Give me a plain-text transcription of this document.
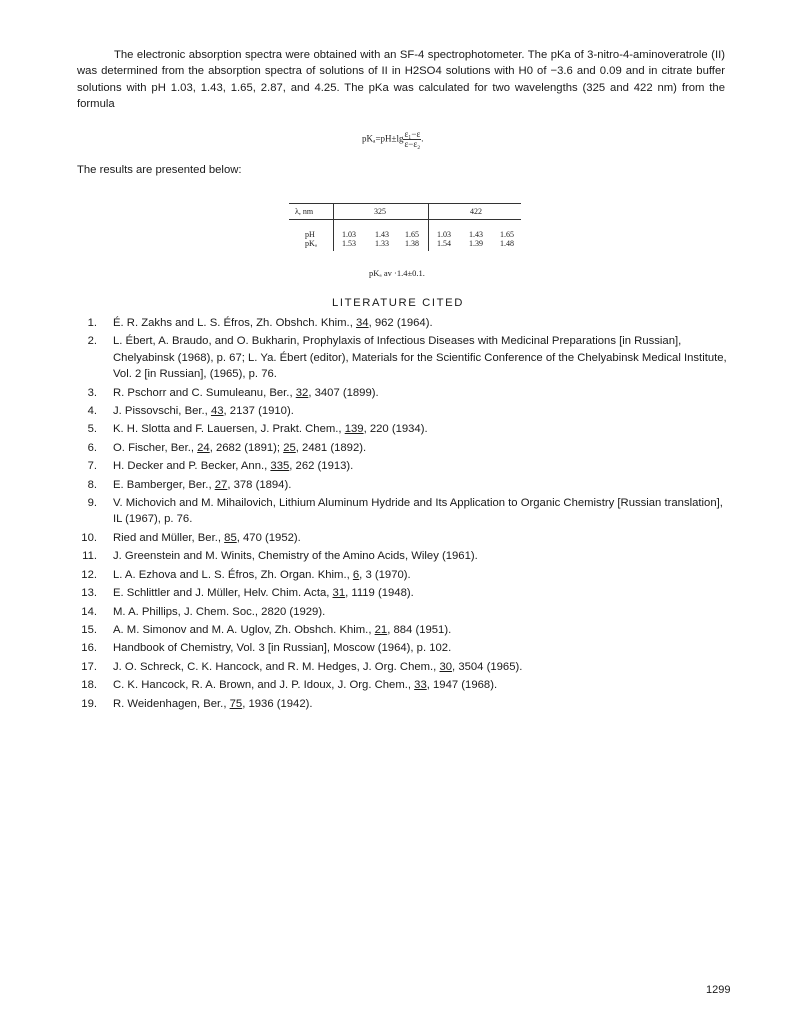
The electronic absorption spectra were obtained with an SF-4 spectrophotometer. The pKa of 3-nitro-4-aminoveratrole (II) was determined from the absorption spectra of solutions of II in H2SO4 solutions with H0 of −3.6 and 0.09 and in citrate buffer solutions with pH 1.03, 1.43, 1.65, 2.87, and 4.25. The pKa was calculated for two wavelengths (325 and 422 nm) from the formula

$pK_a=pH\pm\lg \frac{\text{ε₁−ε}}{\text{ε−ε₂}}$ .

The results are presented below:

λ, nm	325	422
pH
pKₐ
1.03 1.43 1.65 1.03 1.43 1.65
1.53 1.33 1.38 1.54 1.39 1.48
pKₐ av ·1.4±0.1.
LITERATURE CITED
1. É. R. Zakhs and L. S. Éfros, Zh. Obshch. Khim., 34, 962 (1964).
2. L. Ébert, A. Braudo, and O. Bukharin, Prophylaxis of Infectious Diseases with Medicinal Preparations [in Russian], Chelyabinsk (1968), p. 67; L. Ya. Ébert (editor), Materials for the Scientific Conference of the Chelyabinsk Medical Institute, Vol. 2 [in Russian], (1965), p. 76.
3. R. Pschorr and C. Sumuleanu, Ber., 32, 3407 (1899).
4. J. Pissovschi, Ber., 43, 2137 (1910).
5. K. H. Slotta and F. Lauersen, J. Prakt. Chem., 139, 220 (1934).
6. O. Fischer, Ber., 24, 2682 (1891); 25, 2481 (1892).
7. H. Decker and P. Becker, Ann., 335, 262 (1913).
8. E. Bamberger, Ber., 27, 378 (1894).
9. V. Michovich and M. Mihailovich, Lithium Aluminum Hydride and Its Application to Organic Chemistry [Russian translation], IL (1967), p. 76.
10. Ried and Müller, Ber., 85, 470 (1952).
11. J. Greenstein and M. Winits, Chemistry of the Amino Acids, Wiley (1961).
12. L. A. Ezhova and L. S. Éfros, Zh. Organ. Khim., 6, 3 (1970).
13. E. Schlittler and J. Müller, Helv. Chim. Acta, 31, 1119 (1948).
14. M. A. Phillips, J. Chem. Soc., 2820 (1929).
15. A. M. Simonov and M. A. Uglov, Zh. Obshch. Khim., 21, 884 (1951).
16. Handbook of Chemistry, Vol. 3 [in Russian], Moscow (1964), p. 102.
17. J. O. Schreck, C. K. Hancock, and R. M. Hedges, J. Org. Chem., 30, 3504 (1965).
18. C. K. Hancock, R. A. Brown, and J. P. Idoux, J. Org. Chem., 33, 1947 (1968).
19. R. Weidenhagen, Ber., 75, 1936 (1942).
1299
